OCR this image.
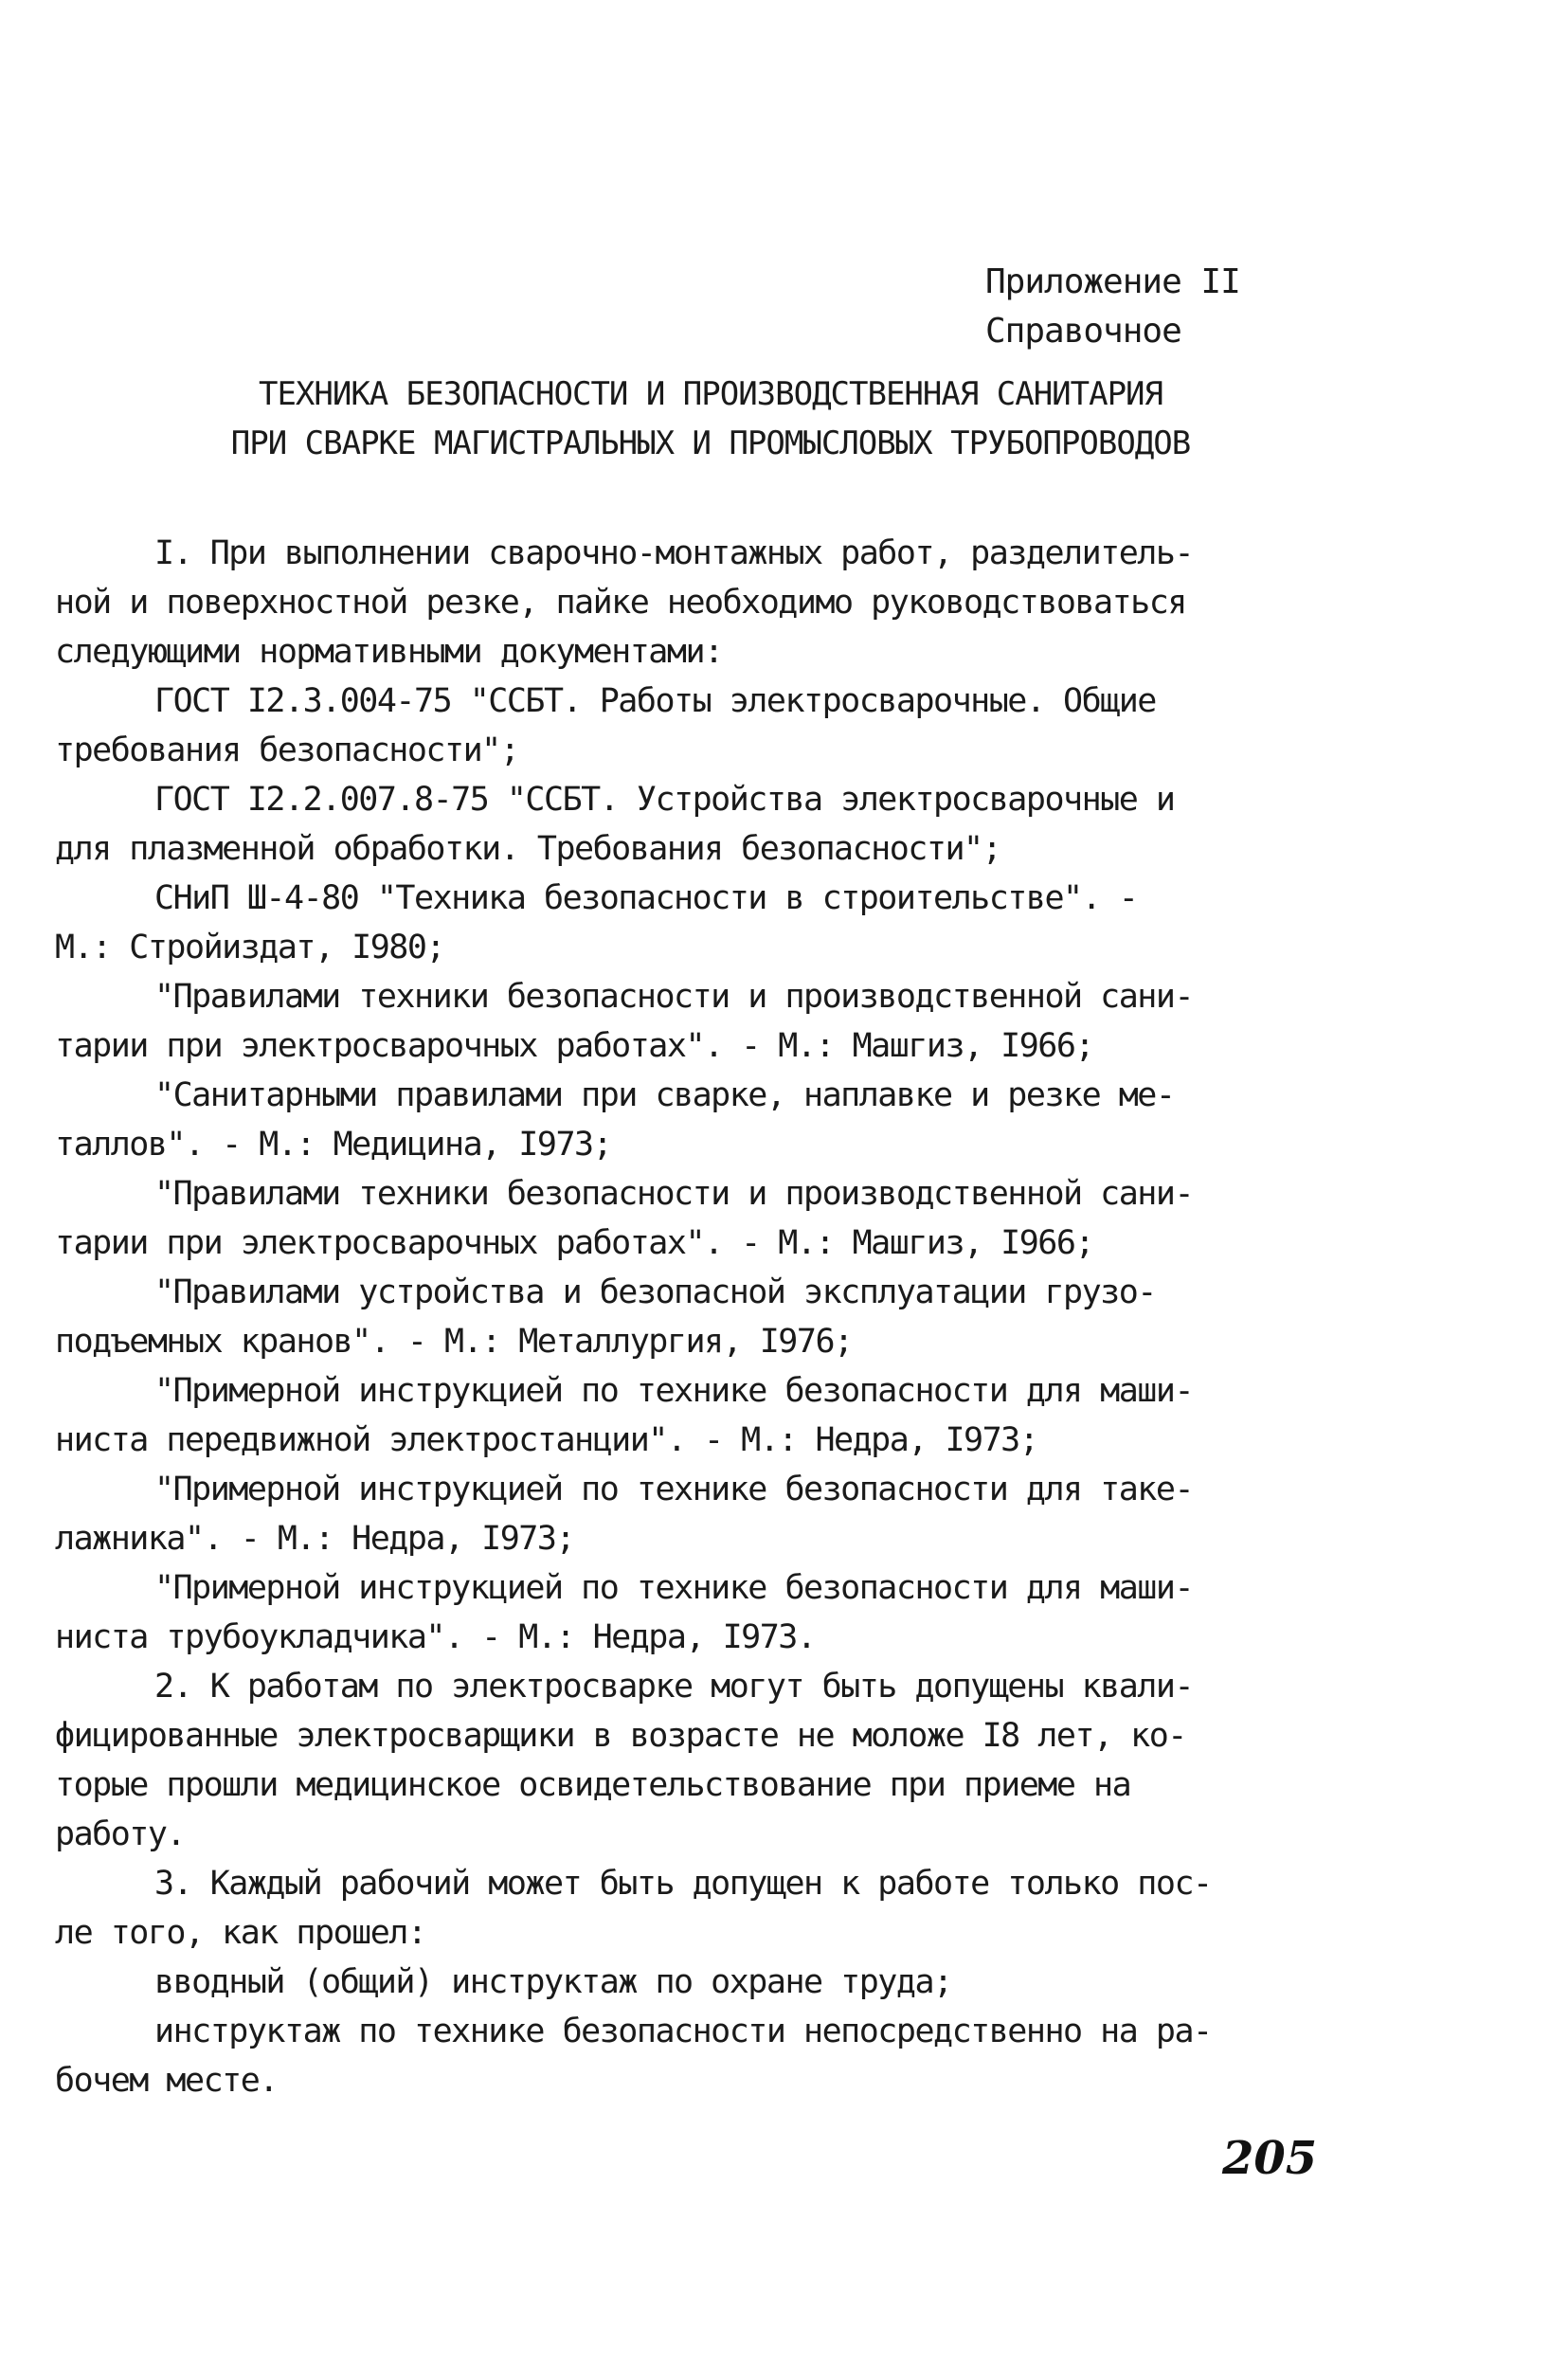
Приложение II
Справочное
ТЕХНИКА БЕЗОПАСНОСТИ И ПРОИЗВОДСТВЕННАЯ САНИТАРИЯ
ПРИ СВАРКЕ МАГИСТРАЛЬНЫХ И ПРОМЫСЛОВЫХ ТРУБОПРОВОДОВ
I. При выполнении сварочно-монтажных работ, разделитель-
ной и поверхностной резке, пайке необходимо руководствоваться
следующими нормативными документами:
ГОСТ I2.3.004-75 "ССБТ. Работы электросварочные. Общие
требования безопасности";
ГОСТ I2.2.007.8-75 "ССБТ. Устройства электросварочные и
для плазменной обработки. Требования безопасности";
СНиП Ш-4-80 "Техника безопасности в строительстве". -
М.: Стройиздат, I980;
"Правилами техники безопасности и производственной сани-
тарии при электросварочных работах". - М.: Машгиз, I966;
"Санитарными правилами при сварке, наплавке и резке ме-
таллов". - М.: Медицина, I973;
"Правилами техники безопасности и производственной сани-
тарии при электросварочных работах". - М.: Машгиз, I966;
"Правилами устройства и безопасной эксплуатации грузо-
подъемных кранов". - М.: Металлургия, I976;
"Примерной инструкцией по технике безопасности для маши-
ниста передвижной электростанции". - М.: Недра, I973;
"Примерной инструкцией по технике безопасности для таке-
лажника". - М.: Недра, I973;
"Примерной инструкцией по технике безопасности для маши-
ниста трубоукладчика". - М.: Недра, I973.
2. К работам по электросварке могут быть допущены квали-
фицированные электросварщики в возрасте не моложе I8 лет, ко-
торые прошли медицинское освидетельствование при приеме на
работу.
3. Каждый рабочий может быть допущен к работе только пос-
ле того, как прошел:
вводный (общий) инструктаж по охране труда;
инструктаж по технике безопасности непосредственно на ра-
бочем месте.
205
